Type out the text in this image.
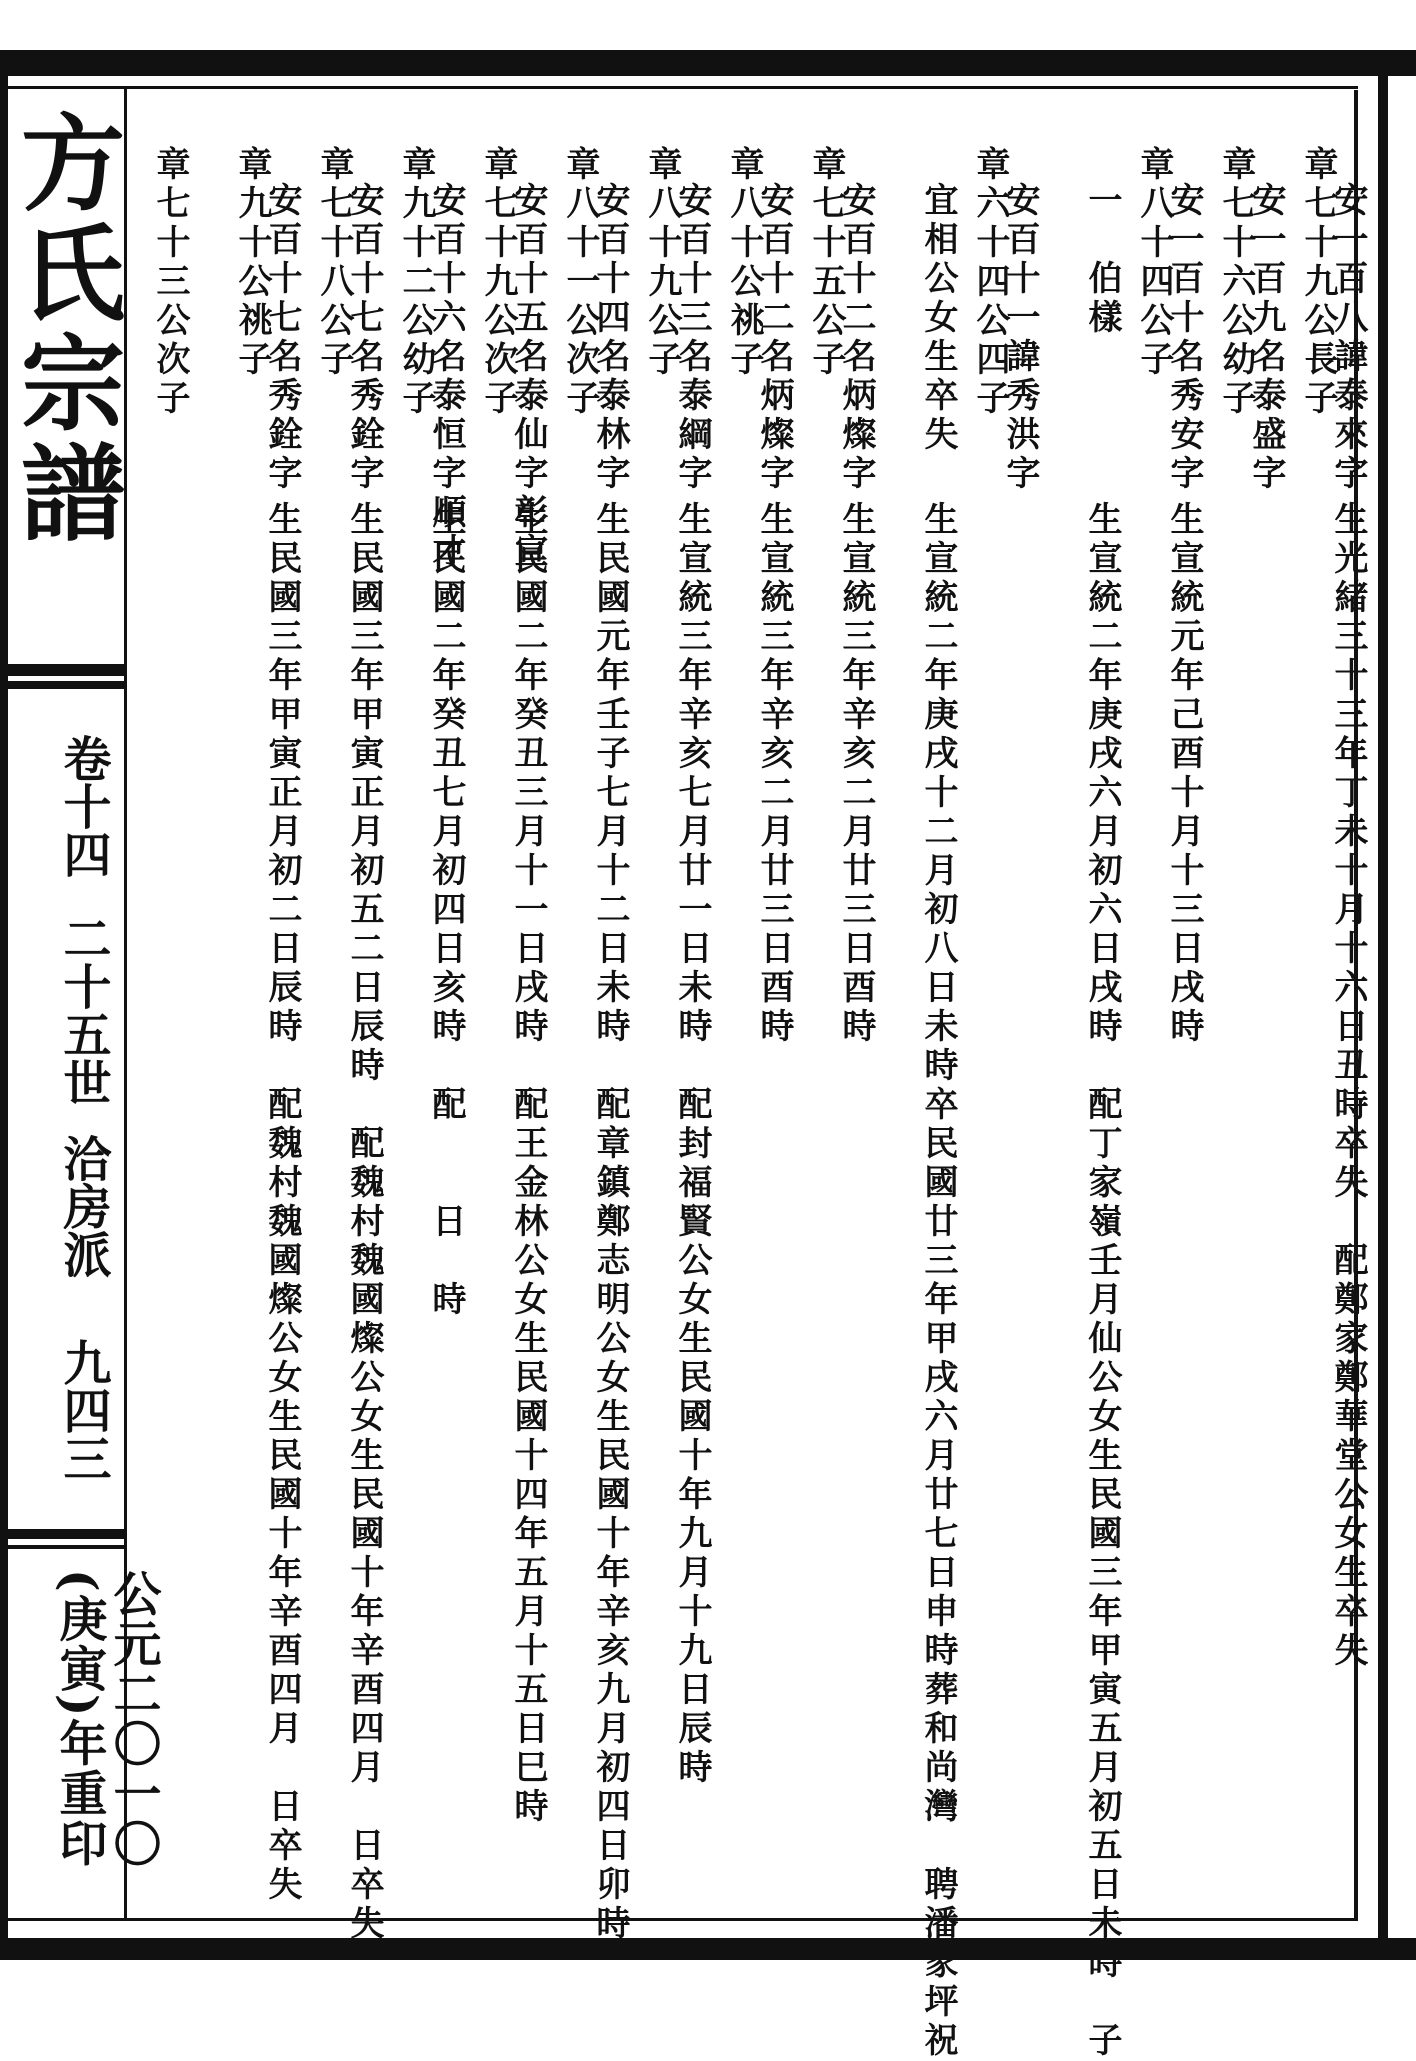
方氏宗譜
卷十四二十五世洽房派九四三
公元二〇一〇(庚寅)年重印
章七十九公長子
安一百八諱泰來字
生光緒三十三年丁未十月十六日丑時卒失　配鄭家鄭華堂公女生卒失
章七十六公幼子
安一百九名泰盛字
章八十四公子
安一百十名秀安字
生宣統元年己酉十月十三日戌時
一　伯樣
生宣統二年庚戌六月初六日戌時　配丁家嶺壬月仙公女生民國三年甲寅五月初五日未時　子
章六十四公四子
安百十一諱秀洪字
宜相公女生卒失
生宣統二年庚戌十二月初八日未時卒民國廿三年甲戌六月廿七日申時葬和尚灣　聘潘家坪祝
章七十五公子
安百十二名炳燦字
生宣統三年辛亥二月廿三日酉時
章八十公祧子
安百十二名炳燦字
生宣統三年辛亥二月廿三日酉時
章八十九公子
安百十三名泰綱字
生宣統三年辛亥七月廿一日未時　配封福賢公女生民國十年九月十九日辰時
章八十一公次子
安百十四名泰林字
生民國元年壬子七月十二日未時　配章鎮鄭志明公女生民國十年辛亥九月初四日卯時
章七十九公次子
安百十五名泰仙字彰宣
生民國二年癸丑三月十一日戌時　配王金林公女生民國十四年五月十五日巳時
章九十二公幼子
安百十六名泰恒字順才
生民國二年癸丑七月初四日亥時　配　　日　時
章七十八公子
安百十七名秀銓字
生民國三年甲寅正月初五二日辰時　配魏村魏國燦公女生民國十年辛酉四月　日卒失
章九十公祧子
安百十七名秀銓字
生民國三年甲寅正月初二日辰時　配魏村魏國燦公女生民國十年辛酉四月　日卒失
章七十三公次子
